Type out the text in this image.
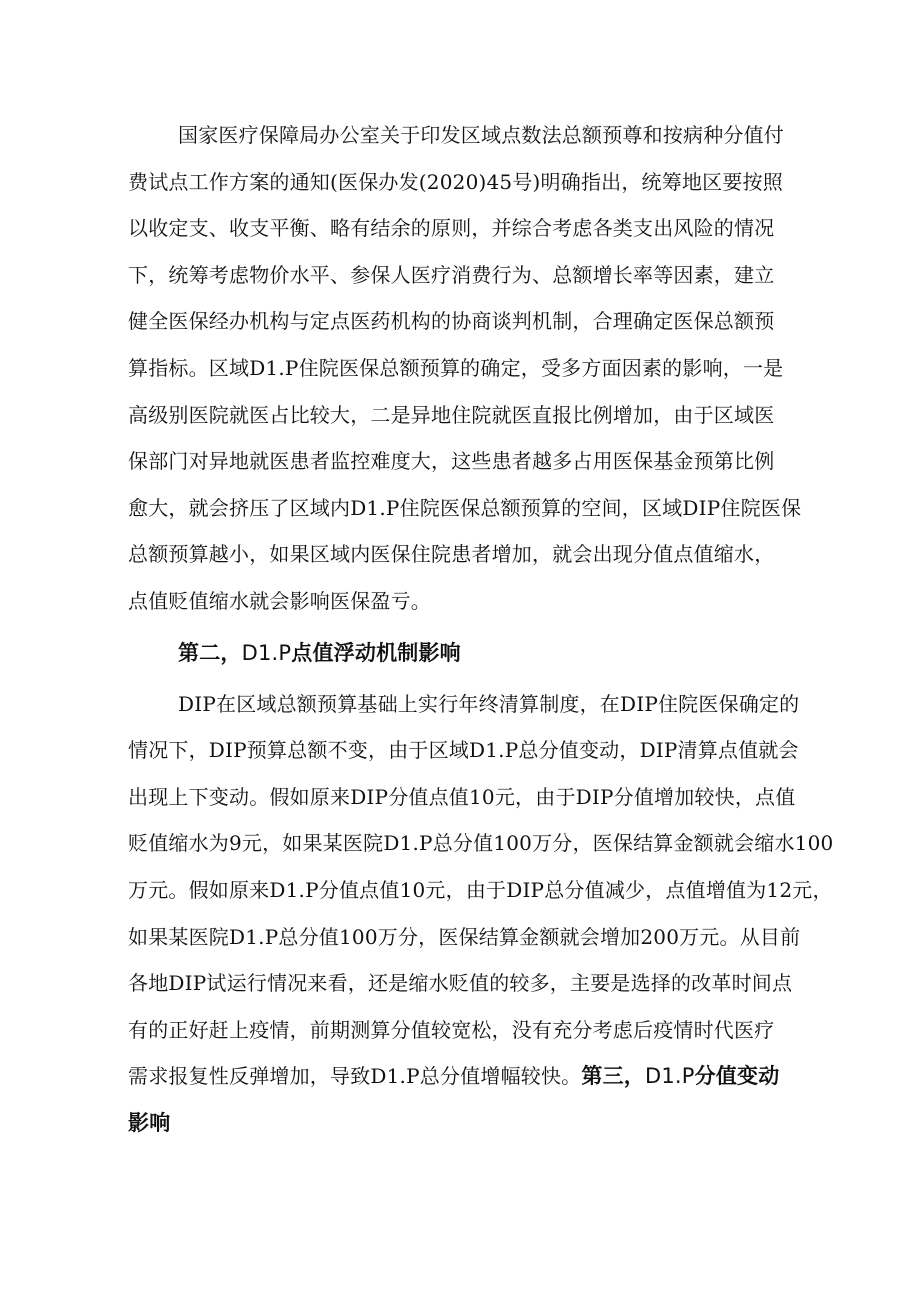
国家医疗保障局办公室关于印发区域点数法总额预尊和按病种分值付
费试点工作方案的通知(医保办发(2020)45号)明确指出，统筹地区要按照
以收定支、收支平衡、略有结余的原则，并综合考虑各类支出风险的情况
下，统筹考虑物价水平、参保人医疗消费行为、总额增长率等因素，建立
健全医保经办机构与定点医药机构的协商谈判机制，合理确定医保总额预
算指标。区域D1.P住院医保总额预算的确定，受多方面因素的影响，一是
高级别医院就医占比较大，二是异地住院就医直报比例增加，由于区域医
保部门对异地就医患者监控难度大，这些患者越多占用医保基金预第比例
愈大，就会挤压了区域内D1.P住院医保总额预算的空间，区域DIP住院医保
总额预算越小，如果区域内医保住院患者增加，就会出现分值点值缩水，
点值贬值缩水就会影响医保盈亏。
第二，D1.P点值浮动机制影响
DIP在区域总额预算基础上实行年终清算制度，在DIP住院医保确定的
情况下，DIP预算总额不变，由于区域D1.P总分值变动，DIP清算点值就会
出现上下变动。假如原来DIP分值点值10元，由于DIP分值增加较快，点值
贬值缩水为9元，如果某医院D1.P总分值100万分，医保结算金额就会缩水100
万元。假如原来D1.P分值点值10元，由于DIP总分值减少，点值增值为12元，
如果某医院D1.P总分值100万分，医保结算金额就会增加200万元。从目前
各地DIP试运行情况来看，还是缩水贬值的较多，主要是选择的改革时间点
有的正好赶上疫情，前期测算分值较宽松，没有充分考虑后疫情时代医疗
需求报复性反弹增加，导致D1.P总分值增幅较快。第三，D1.P分值变动
影响
